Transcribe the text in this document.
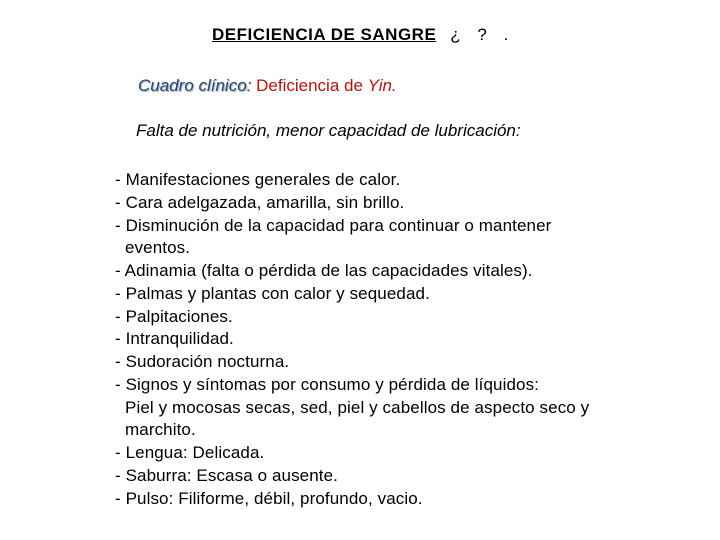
DEFICIENCIA DE SANGRE ¿ ? .
Cuadro clínico: Deficiencia de Yin.
Falta de nutrición, menor capacidad de lubricación:
- Manifestaciones generales de calor.
- Cara adelgazada, amarilla, sin brillo.
- Disminución de la capacidad para continuar o mantener
eventos.
- Adinamia (falta o pérdida de las capacidades vitales).
- Palmas y plantas con calor y sequedad.
- Palpitaciones.
- Intranquilidad.
- Sudoración nocturna.
- Signos y síntomas por consumo y pérdida de líquidos:
Piel y mocosas secas, sed, piel y cabellos de aspecto seco y
marchito.
- Lengua: Delicada.
- Saburra: Escasa o ausente.
- Pulso: Filiforme, débil, profundo, vacio.
